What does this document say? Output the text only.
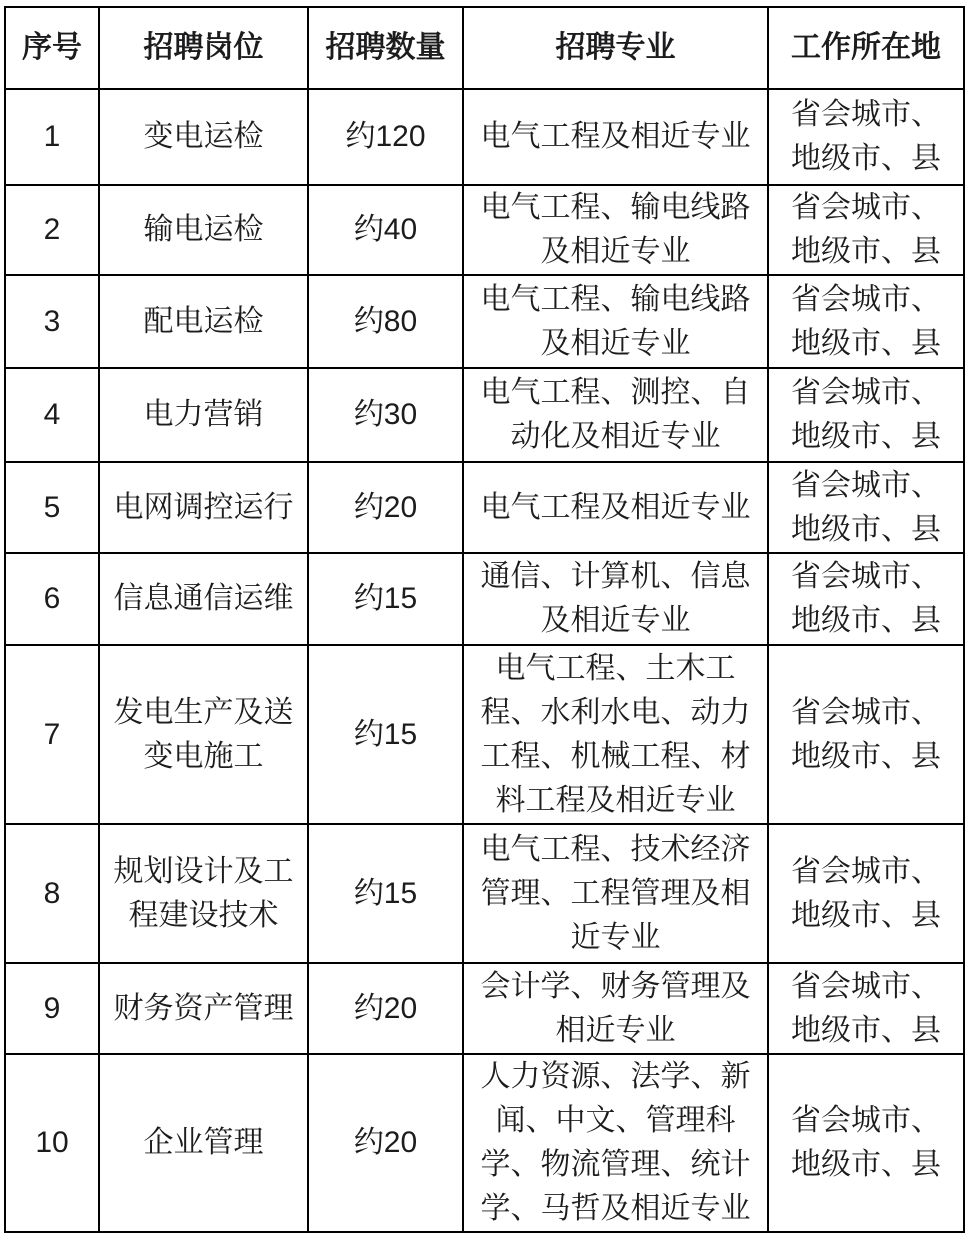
序号	招聘岗位	招聘数量	招聘专业	工作所在地
1	变电运检	约120	电气工程及相近专业	省会城市、地级市、县
2	输电运检	约40	电气工程、输电线路及相近专业	省会城市、地级市、县
3	配电运检	约80	电气工程、输电线路及相近专业	省会城市、地级市、县
4	电力营销	约30	电气工程、测控、自动化及相近专业	省会城市、地级市、县
5	电网调控运行	约20	电气工程及相近专业	省会城市、地级市、县
6	信息通信运维	约15	通信、计算机、信息及相近专业	省会城市、地级市、县
7	发电生产及送变电施工	约15	电气工程、土木工程、水利水电、动力工程、机械工程、材料工程及相近专业	省会城市、地级市、县
8	规划设计及工程建设技术	约15	电气工程、技术经济管理、工程管理及相近专业	省会城市、地级市、县
9	财务资产管理	约20	会计学、财务管理及相近专业	省会城市、地级市、县
10	企业管理	约20	人力资源、法学、新闻、中文、管理科学、物流管理、统计学、马哲及相近专业	省会城市、地级市、县
